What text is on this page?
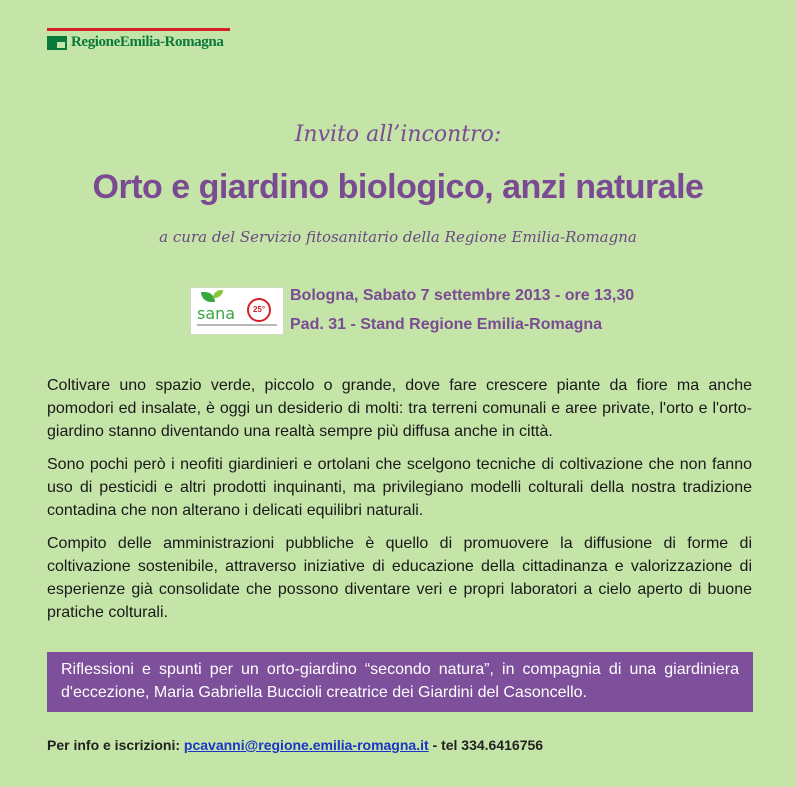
RegioneEmilia-Romagna
Invito all’incontro:
Orto e giardino biologico, anzi naturale
a cura del Servizio fitosanitario della Regione Emilia-Romagna
sana	25°
Bologna, Sabato 7 settembre 2013 - ore 13,30
Pad. 31 - Stand Regione Emilia-Romagna
Coltivare uno spazio verde, piccolo o grande, dove fare crescere piante da fiore ma anche pomodori ed insalate, è oggi un desiderio di molti: tra terreni comunali e aree private, l'orto e l'orto-giardino stanno diventando una realtà sempre più diffusa anche in città.
Sono pochi però i neofiti giardinieri e ortolani che scelgono tecniche di coltivazione che non fanno uso di pesticidi e altri prodotti inquinanti, ma privilegiano modelli colturali della nostra tradizione contadina che non alterano i delicati equilibri naturali.
Compito delle amministrazioni pubbliche è quello di promuovere la diffusione di forme di coltivazione sostenibile, attraverso iniziative di educazione della cittadinanza e valorizzazione di esperienze già consolidate che possono diventare veri e propri laboratori a cielo aperto di buone pratiche colturali.

Riflessioni e spunti per un orto-giardino “secondo natura”, in compagnia di una giardiniera d'eccezione, Maria Gabriella Buccioli creatrice dei Giardini del Casoncello.

Per info e iscrizioni: pcavanni@regione.emilia-romagna.it - tel 334.6416756
